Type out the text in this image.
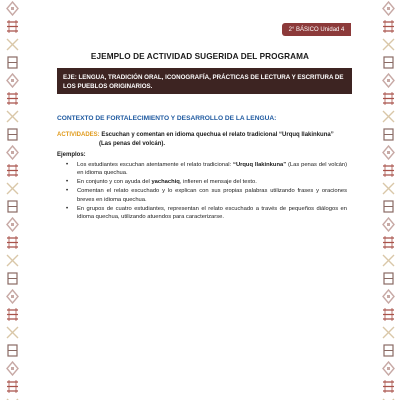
2° BÁSICO Unidad 4
EJEMPLO DE ACTIVIDAD SUGERIDA DEL PROGRAMA
EJE: LENGUA, TRADICIÓN ORAL, ICONOGRAFÍA, PRÁCTICAS DE LECTURA Y ESCRITURA DE LOS PUEBLOS ORIGINARIOS.
CONTEXTO DE FORTALECIMIENTO Y DESARROLLO DE LA LENGUA:
ACTIVIDADES: Escuchan y comentan en idioma quechua el relato tradicional “Urquq llakinkuna”
(Las penas del volcán).
Ejemplos:
• Los estudiantes escuchan atentamente el relato tradicional: “Urquq llakinkuna” (Las penas del volcán) en idioma quechua.
• En conjunto y con ayuda del yachachiq, infieren el mensaje del texto.
• Comentan el relato escuchado y lo explican con sus propias palabras utilizando frases y oraciones breves en idioma quechua.
• En grupos de cuatro estudiantes, representan el relato escuchado a través de pequeños diálogos en idioma quechua, utilizando atuendos para caracterizarse.
